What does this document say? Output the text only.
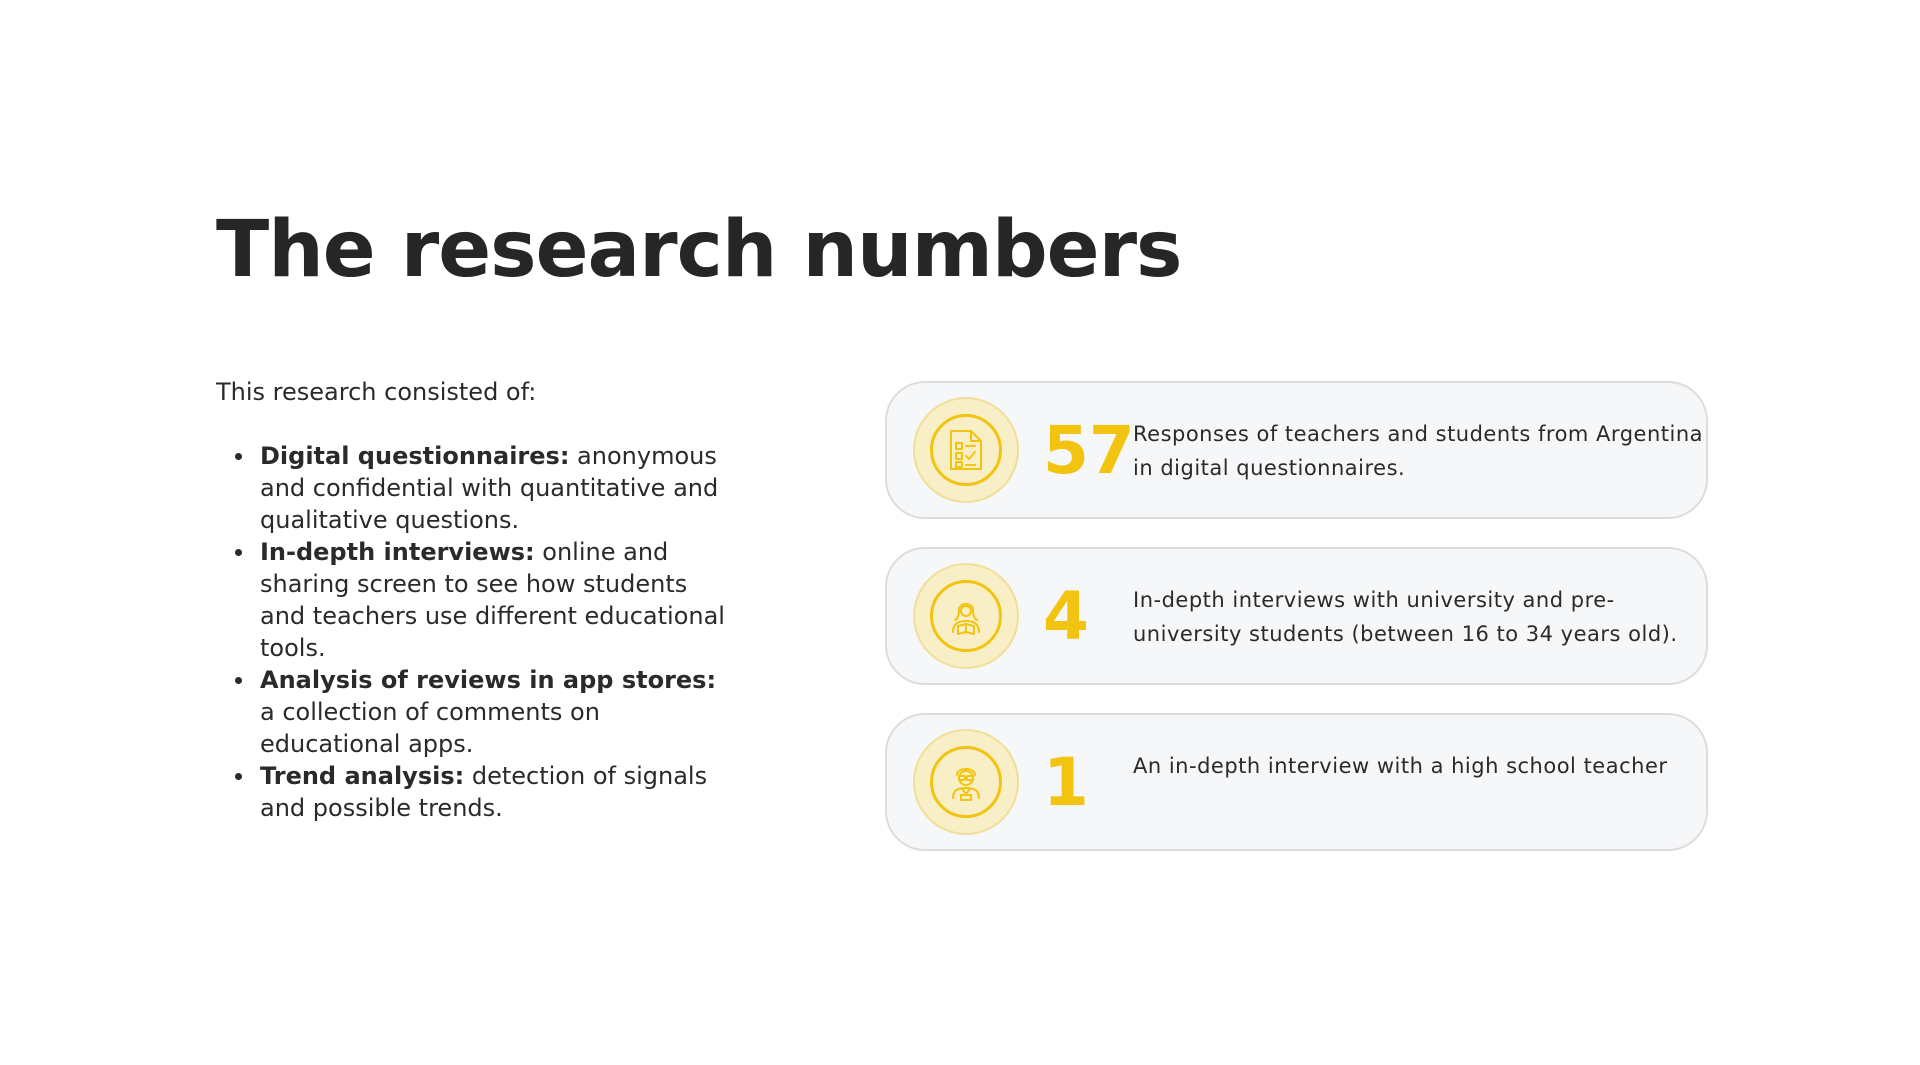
The research numbers

This research consisted of:

Digital questionnaires: anonymous and confidential with quantitative and qualitative questions.
In-depth interviews: online and sharing screen to see how students and teachers use different educational tools.
Analysis of reviews in app stores: a collection of comments on educational apps.
Trend analysis: detection of signals and possible trends.
57
Responses of teachers and students from Argentina in digital questionnaires.
4 In-depth interviews with university and pre-university students (between 16 to 34 years old).
1 An in-depth interview with a high school teacher
